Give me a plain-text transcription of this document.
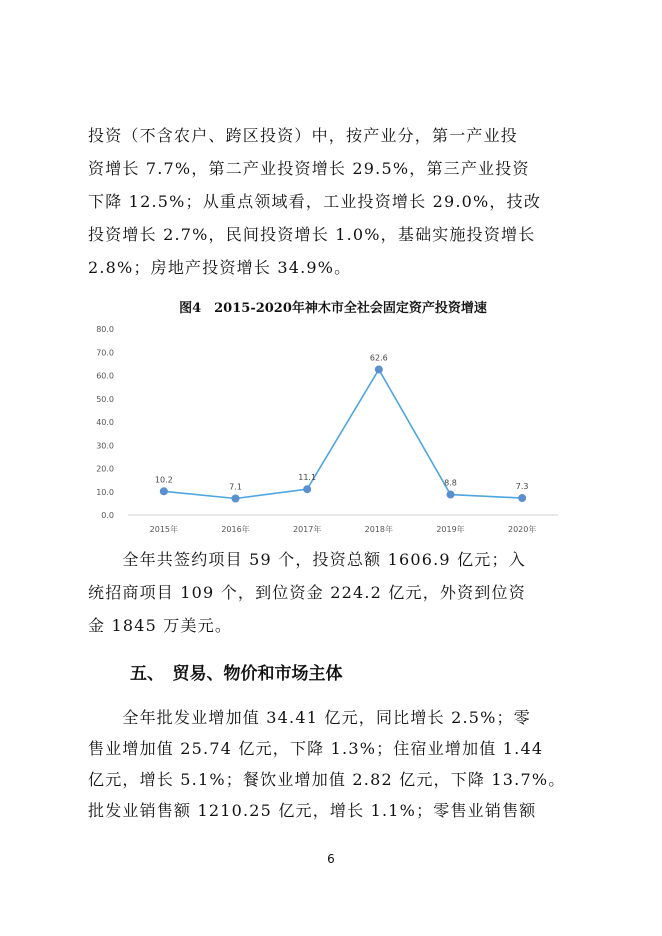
投资（不含农户、跨区投资）中，按产业分，第一产业投
资增长 7.7%，第二产业投资增长 29.5%，第三产业投资
下降 12.5%；从重点领域看，工业投资增长 29.0%，技改
投资增长 2.7%，民间投资增长 1.0%，基础实施投资增长
2.8%；房地产投资增长 34.9%。
图4　2015-2020年神木市全社会固定资产投资增速
0.0
10.0
20.0
30.0
40.0
50.0
60.0
70.0
80.0
10.2
7.1
11.1
62.6
8.8	7.3
2015年	2016年	2017年	2018年	2019年	2020年
五、　贸易、物价和市场主体
　　全年共签约项目 59 个，投资总额 1606.9 亿元；入
统招商项目 109 个，到位资金 224.2 亿元，外资到位资
金 1845 万美元。
　　全年批发业增加值 34.41 亿元，同比增长 2.5%；零
售业增加值 25.74 亿元，下降 1.3%；住宿业增加值 1.44
亿元，增长 5.1%；餐饮业增加值 2.82 亿元，下降 13.7%。
批发业销售额 1210.25 亿元，增长 1.1%；零售业销售额
6
